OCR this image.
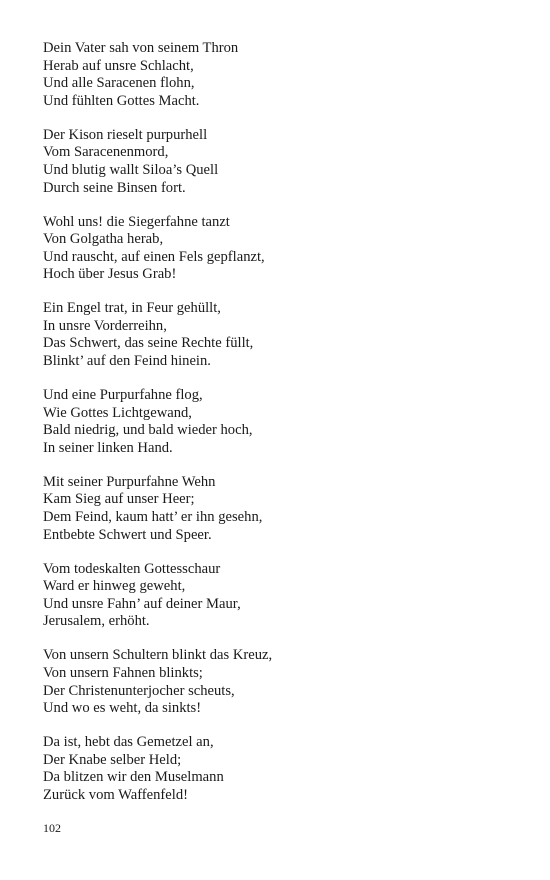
Dein Vater sah von seinem Thron
Herab auf unsre Schlacht,
Und alle Saracenen flohn,
Und fühlten Gottes Macht.
Der Kison rieselt purpurhell
Vom Saracenenmord,
Und blutig wallt Siloa’s Quell
Durch seine Binsen fort.
Wohl uns! die Siegerfahne tanzt
Von Golgatha herab,
Und rauscht, auf einen Fels gepflanzt,
Hoch über Jesus Grab!
Ein Engel trat, in Feur gehüllt,
In unsre Vorderreihn,
Das Schwert, das seine Rechte füllt,
Blinkt’ auf den Feind hinein.
Und eine Purpurfahne flog,
Wie Gottes Lichtgewand,
Bald niedrig, und bald wieder hoch,
In seiner linken Hand.
Mit seiner Purpurfahne Wehn
Kam Sieg auf unser Heer;
Dem Feind, kaum hatt’ er ihn gesehn,
Entbebte Schwert und Speer.
Vom todeskalten Gottesschaur
Ward er hinweg geweht,
Und unsre Fahn’ auf deiner Maur,
Jerusalem, erhöht.
Von unsern Schultern blinkt das Kreuz,
Von unsern Fahnen blinkts;
Der Christenunterjocher scheuts,
Und wo es weht, da sinkts!
Da ist, hebt das Gemetzel an,
Der Knabe selber Held;
Da blitzen wir den Muselmann
Zurück vom Waffenfeld!
102
